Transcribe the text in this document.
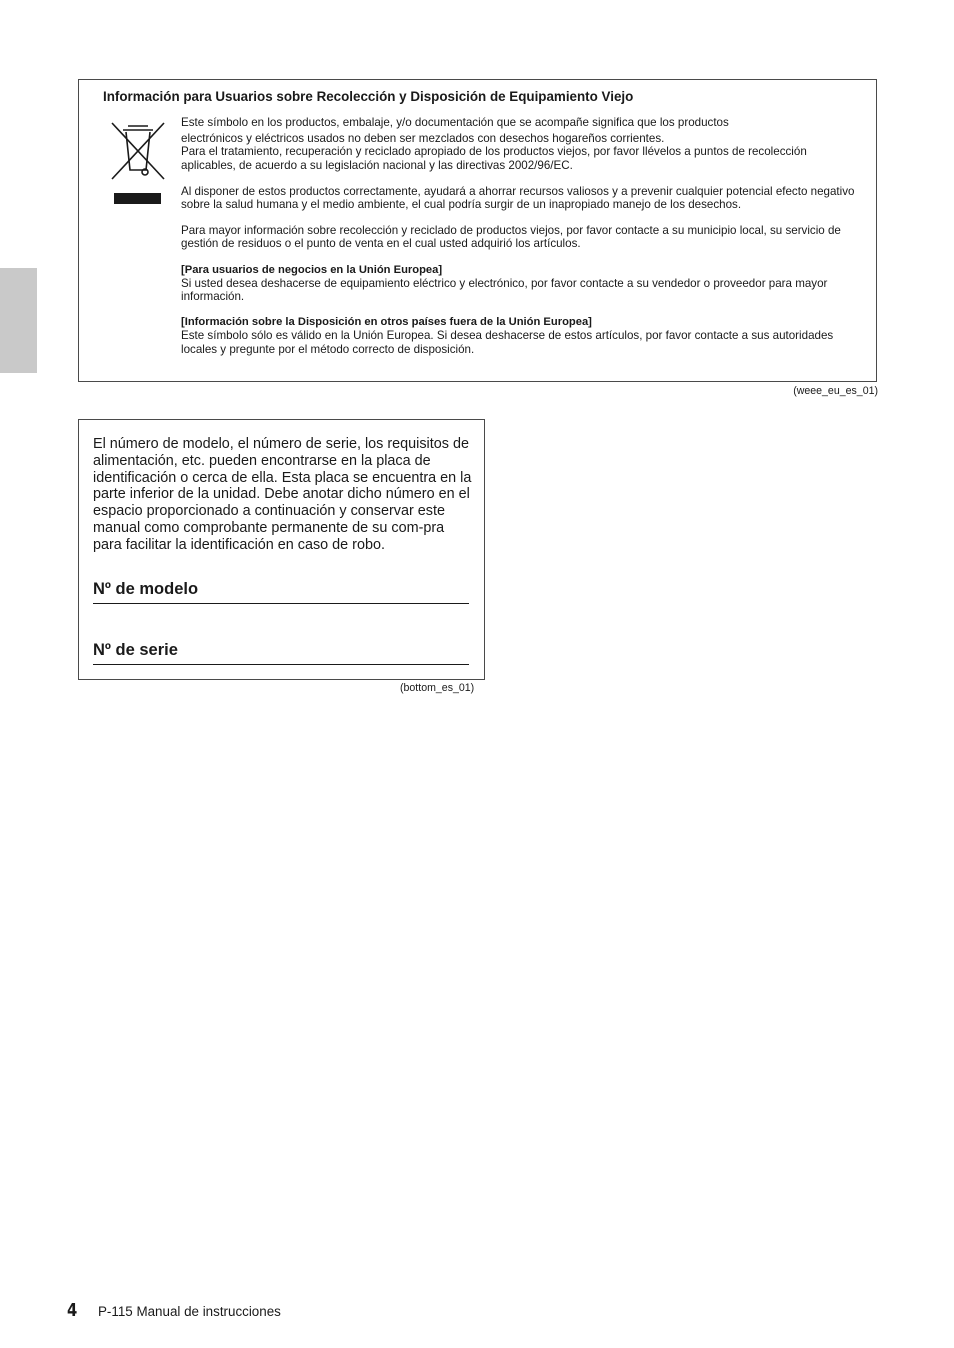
Información para Usuarios sobre Recolección y Disposición de Equipamiento Viejo

Este símbolo en los productos, embalaje, y/o documentación que se acompañe significa que los productos

electrónicos y eléctricos usados no deben ser mezclados con desechos hogareños corrientes.

Para el tratamiento, recuperación y reciclado apropiado de los productos viejos, por favor llévelos a puntos de recolección aplicables, de acuerdo a su legislación nacional y las directivas 2002/96/EC.

Al disponer de estos productos correctamente, ayudará a ahorrar recursos valiosos y a prevenir cualquier potencial efecto negativo sobre la salud humana y el medio ambiente, el cual podría surgir de un inapropiado manejo de los desechos.

Para mayor información sobre recolección y reciclado de productos viejos, por favor contacte a su municipio local, su servicio de gestión de residuos o el punto de venta en el cual usted adquirió los artículos.

[Para usuarios de negocios en la Unión Europea]

Si usted desea deshacerse de equipamiento eléctrico y electrónico, por favor contacte a su vendedor o proveedor para mayor información.

[Información sobre la Disposición en otros países fuera de la Unión Europea]

Este símbolo sólo es válido en la Unión Europea. Si desea deshacerse de estos artículos, por favor contacte a sus autoridades locales y pregunte por el método correcto de disposición.

(weee_eu_es_01)

El número de modelo, el número de serie, los requisitos de alimentación, etc. pueden encontrarse en la placa de identificación o cerca de ella. Esta placa se encuentra en la parte inferior de la unidad. Debe anotar dicho número en el espacio proporcionado a continuación y conservar este manual como comprobante permanente de su com-pra para facilitar la identificación en caso de robo.

Nº de modelo
Nº de serie
(bottom_es_01)
4 P-115 Manual de instrucciones
